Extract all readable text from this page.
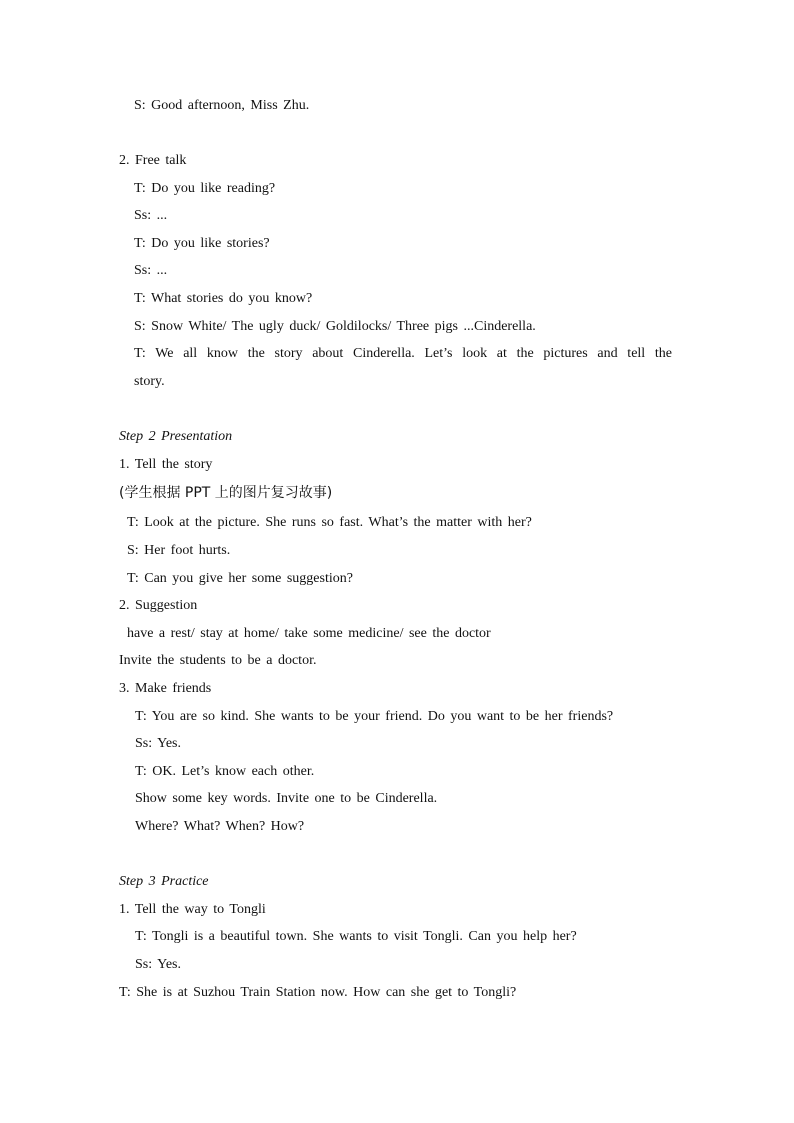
S: Good afternoon, Miss Zhu.
2. Free talk
T: Do you like reading?
Ss: ...
T: Do you like stories?
Ss: ...
T: What stories do you know?
S: Snow White/ The ugly duck/ Goldilocks/ Three pigs ...Cinderella.
T: We all know the story about Cinderella. Let’s look at the pictures and tell the
story.
Step 2 Presentation
1. Tell the story
(学生根据 PPT 上的图片复习故事)
T: Look at the picture. She runs so fast. What’s the matter with her?
S: Her foot hurts.
T: Can you give her some suggestion?
2. Suggestion
have a rest/ stay at home/ take some medicine/ see the doctor
Invite the students to be a doctor.
3. Make friends
T: You are so kind. She wants to be your friend. Do you want to be her friends?
Ss: Yes.
T: OK. Let’s know each other.
Show some key words. Invite one to be Cinderella.
Where? What? When? How?
Step 3 Practice
1. Tell the way to Tongli
T: Tongli is a beautiful town. She wants to visit Tongli. Can you help her?
Ss: Yes.
T: She is at Suzhou Train Station now. How can she get to Tongli?
